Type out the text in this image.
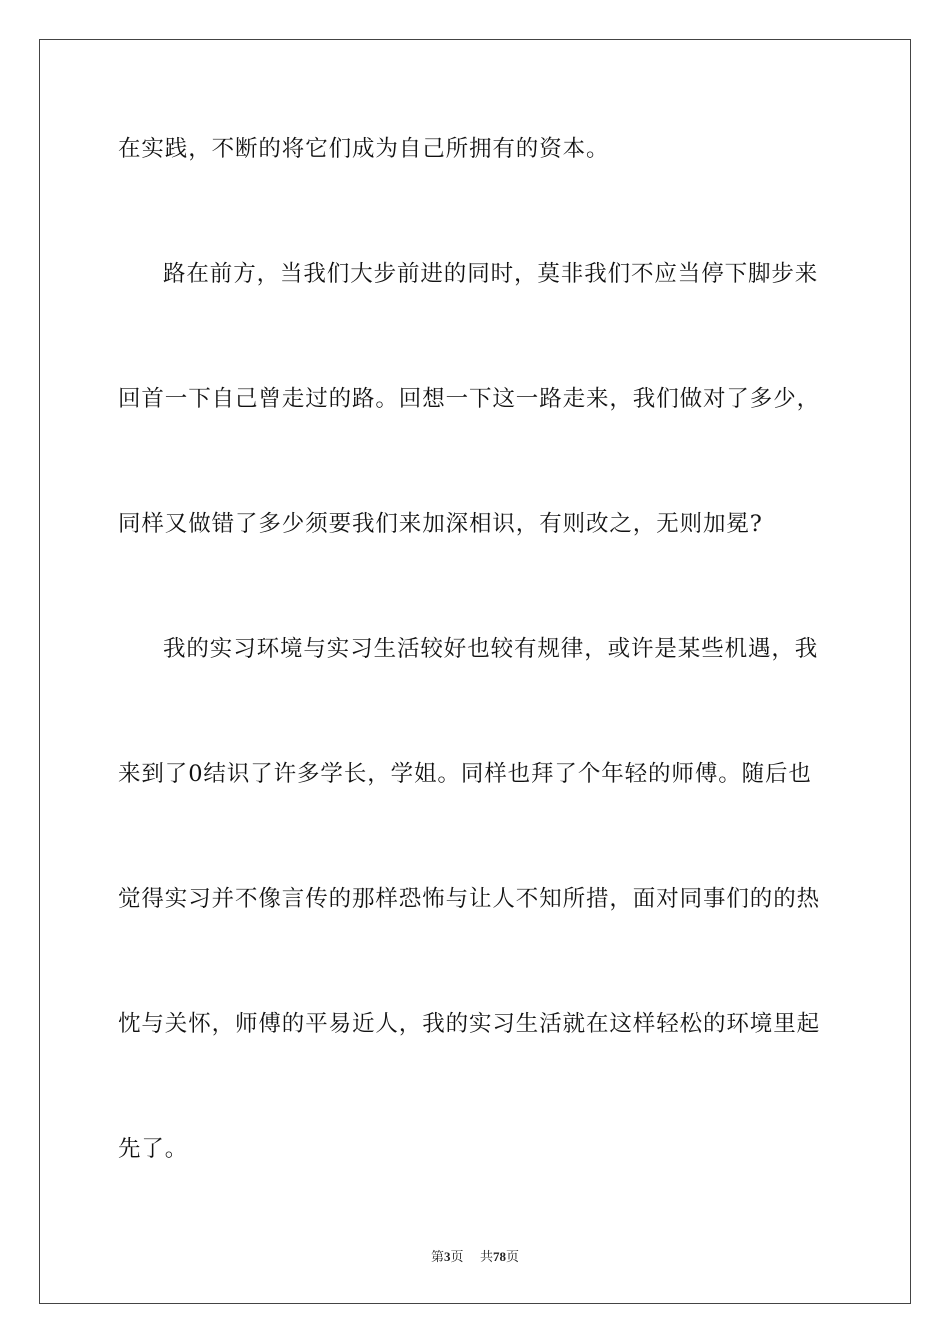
在实践，不断的将它们成为自己所拥有的资本。
路在前方，当我们大步前进的同时，莫非我们不应当停下脚步来
回首一下自己曾走过的路。回想一下这一路走来，我们做对了多少，
同样又做错了多少须要我们来加深相识，有则改之，无则加冕?
我的实习环境与实习生活较好也较有规律，或许是某些机遇，我
来到了0结识了许多学长，学姐。同样也拜了个年轻的师傅。随后也
觉得实习并不像言传的那样恐怖与让人不知所措，面对同事们的的热
忱与关怀，师傅的平易近人，我的实习生活就在这样轻松的环境里起
先了。
第3页 共78页
